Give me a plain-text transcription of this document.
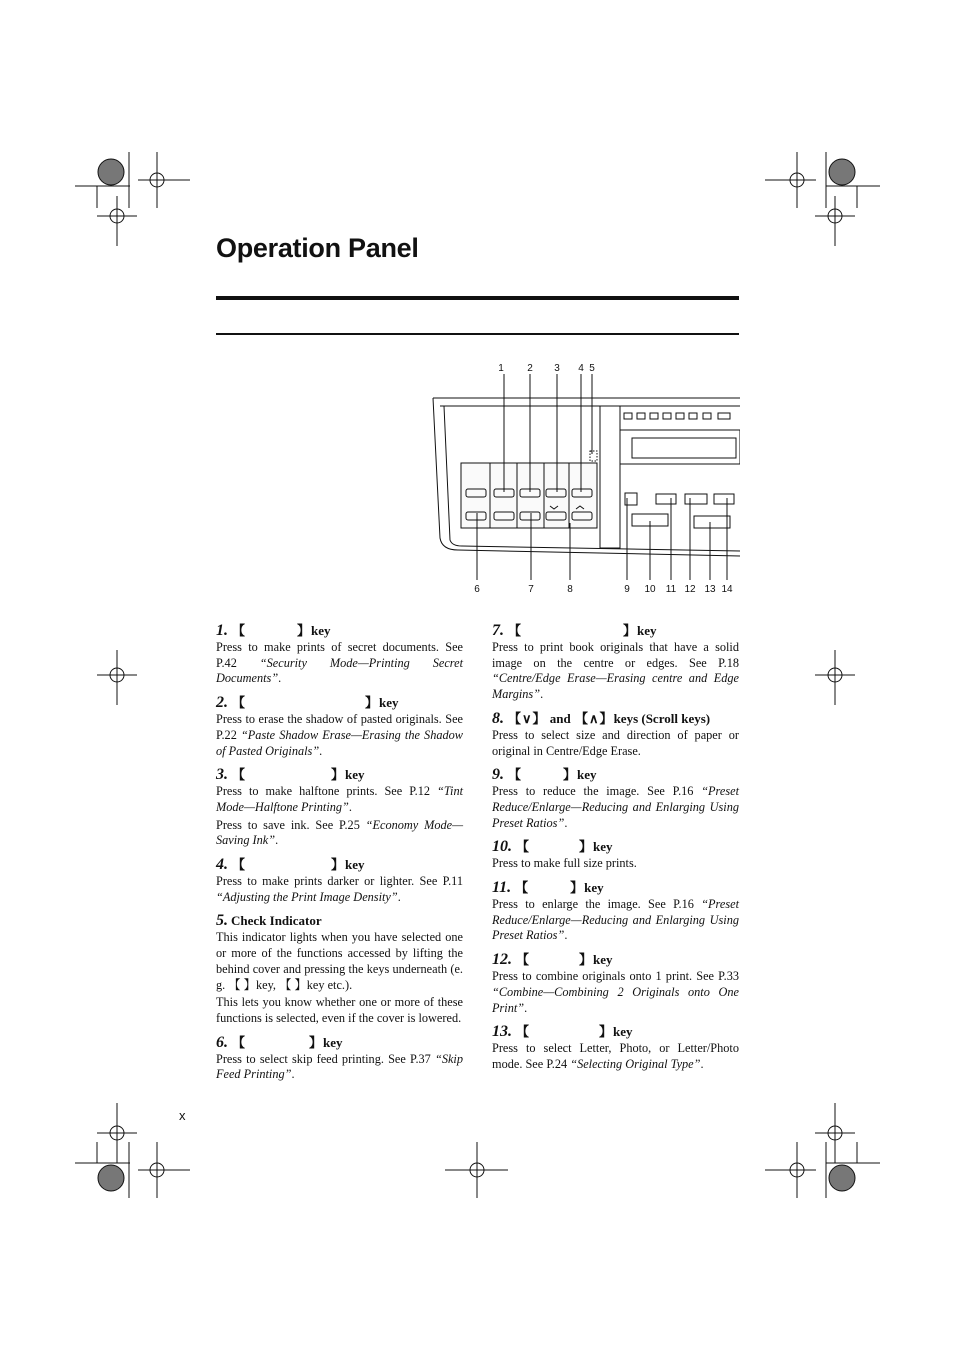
Operation Panel
1 2 3 4 5
6	7	8	9 10 11 12 13 14
1. 【	】key

Press to make prints of secret documents. See P.42 “Security Mode—Printing Secret Documents”.

2. 【	】key

Press to erase the shadow of pasted originals. See P.22 “Paste Shadow Erase—Erasing the Shadow of Pasted Originals”.

3. 【	】key

Press to make halftone prints. See P.12 “Tint Mode—Halftone Printing”.

Press to save ink. See P.25 “Economy Mode—Saving Ink”.

4. 【	】key

Press to make prints darker or lighter. See P.11 “Adjusting the Print Image Density”.

5. Check Indicator

This indicator lights when you have selected one or more of the functions accessed by lifting the behind cover and pressing the keys underneath (e. g. 【 】key, 【 】key etc.).

This lets you know whether one or more of these functions is selected, even if the cover is lowered.

6. 【	】key

Press to select skip feed printing. See P.37 “Skip Feed Printing”.

7. 【	】key

Press to print book originals that have a solid image on the centre or edges. See P.18 “Centre/Edge Erase—Erasing centre and Edge Margins”.

8. 【∨】 and 【∧】keys (Scroll keys)

Press to select size and direction of paper or original in Centre/Edge Erase.

9. 【	】key

Press to reduce the image. See P.16 “Preset Reduce/Enlarge—Reducing and Enlarging Using Preset Ratios”.

10. 【	】key

Press to make full size prints.

11. 【	】key

Press to enlarge the image. See P.16 “Preset Reduce/Enlarge—Reducing and Enlarging Using Preset Ratios”.

12. 【	】key

Press to combine originals onto 1 print. See P.33 “Combine—Combining 2 Originals onto One Print”.

13. 【	】key

Press to select Letter, Photo, or Letter/Photo mode. See P.24 “Selecting Original Type”.

x
